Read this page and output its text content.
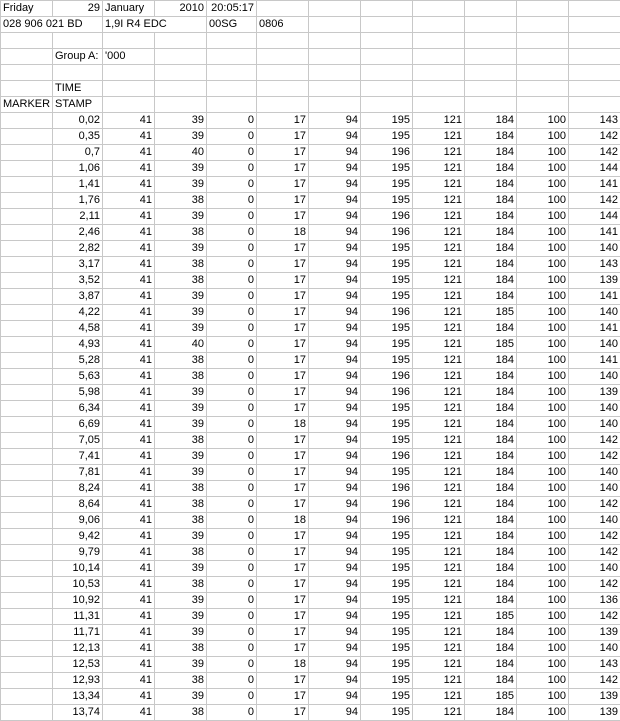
Friday	29	January	2010	20:05:17							
028 906 021 BD		1,9I R4 EDC		00SG	0806						

	Group A:	'000									

	TIME										
MARKER	STAMP										
	0,02	41	39	0	17	94	195	121	184	100	143
	0,35	41	39	0	17	94	195	121	184	100	142
	0,7	41	40	0	17	94	196	121	184	100	142
	1,06	41	39	0	17	94	195	121	184	100	144
	1,41	41	39	0	17	94	195	121	184	100	141
	1,76	41	38	0	17	94	195	121	184	100	142
	2,11	41	39	0	17	94	196	121	184	100	144
	2,46	41	38	0	18	94	196	121	184	100	141
	2,82	41	39	0	17	94	195	121	184	100	140
	3,17	41	38	0	17	94	195	121	184	100	143
	3,52	41	38	0	17	94	195	121	184	100	139
	3,87	41	39	0	17	94	195	121	184	100	141
	4,22	41	39	0	17	94	196	121	185	100	140
	4,58	41	39	0	17	94	195	121	184	100	141
	4,93	41	40	0	17	94	195	121	185	100	140
	5,28	41	38	0	17	94	195	121	184	100	141
	5,63	41	38	0	17	94	196	121	184	100	140
	5,98	41	39	0	17	94	196	121	184	100	139
	6,34	41	39	0	17	94	195	121	184	100	140
	6,69	41	39	0	18	94	195	121	184	100	140
	7,05	41	38	0	17	94	195	121	184	100	142
	7,41	41	39	0	17	94	196	121	184	100	142
	7,81	41	39	0	17	94	195	121	184	100	140
	8,24	41	38	0	17	94	196	121	184	100	140
	8,64	41	38	0	17	94	196	121	184	100	142
	9,06	41	38	0	18	94	196	121	184	100	140
	9,42	41	39	0	17	94	195	121	184	100	142
	9,79	41	38	0	17	94	195	121	184	100	142
	10,14	41	39	0	17	94	195	121	184	100	140
	10,53	41	38	0	17	94	195	121	184	100	142
	10,92	41	39	0	17	94	195	121	184	100	136
	11,31	41	39	0	17	94	195	121	185	100	142
	11,71	41	39	0	17	94	195	121	184	100	139
	12,13	41	38	0	17	94	195	121	184	100	140
	12,53	41	39	0	18	94	195	121	184	100	143
	12,93	41	38	0	17	94	195	121	184	100	142
	13,34	41	39	0	17	94	195	121	185	100	139
	13,74	41	38	0	17	94	195	121	184	100	139
